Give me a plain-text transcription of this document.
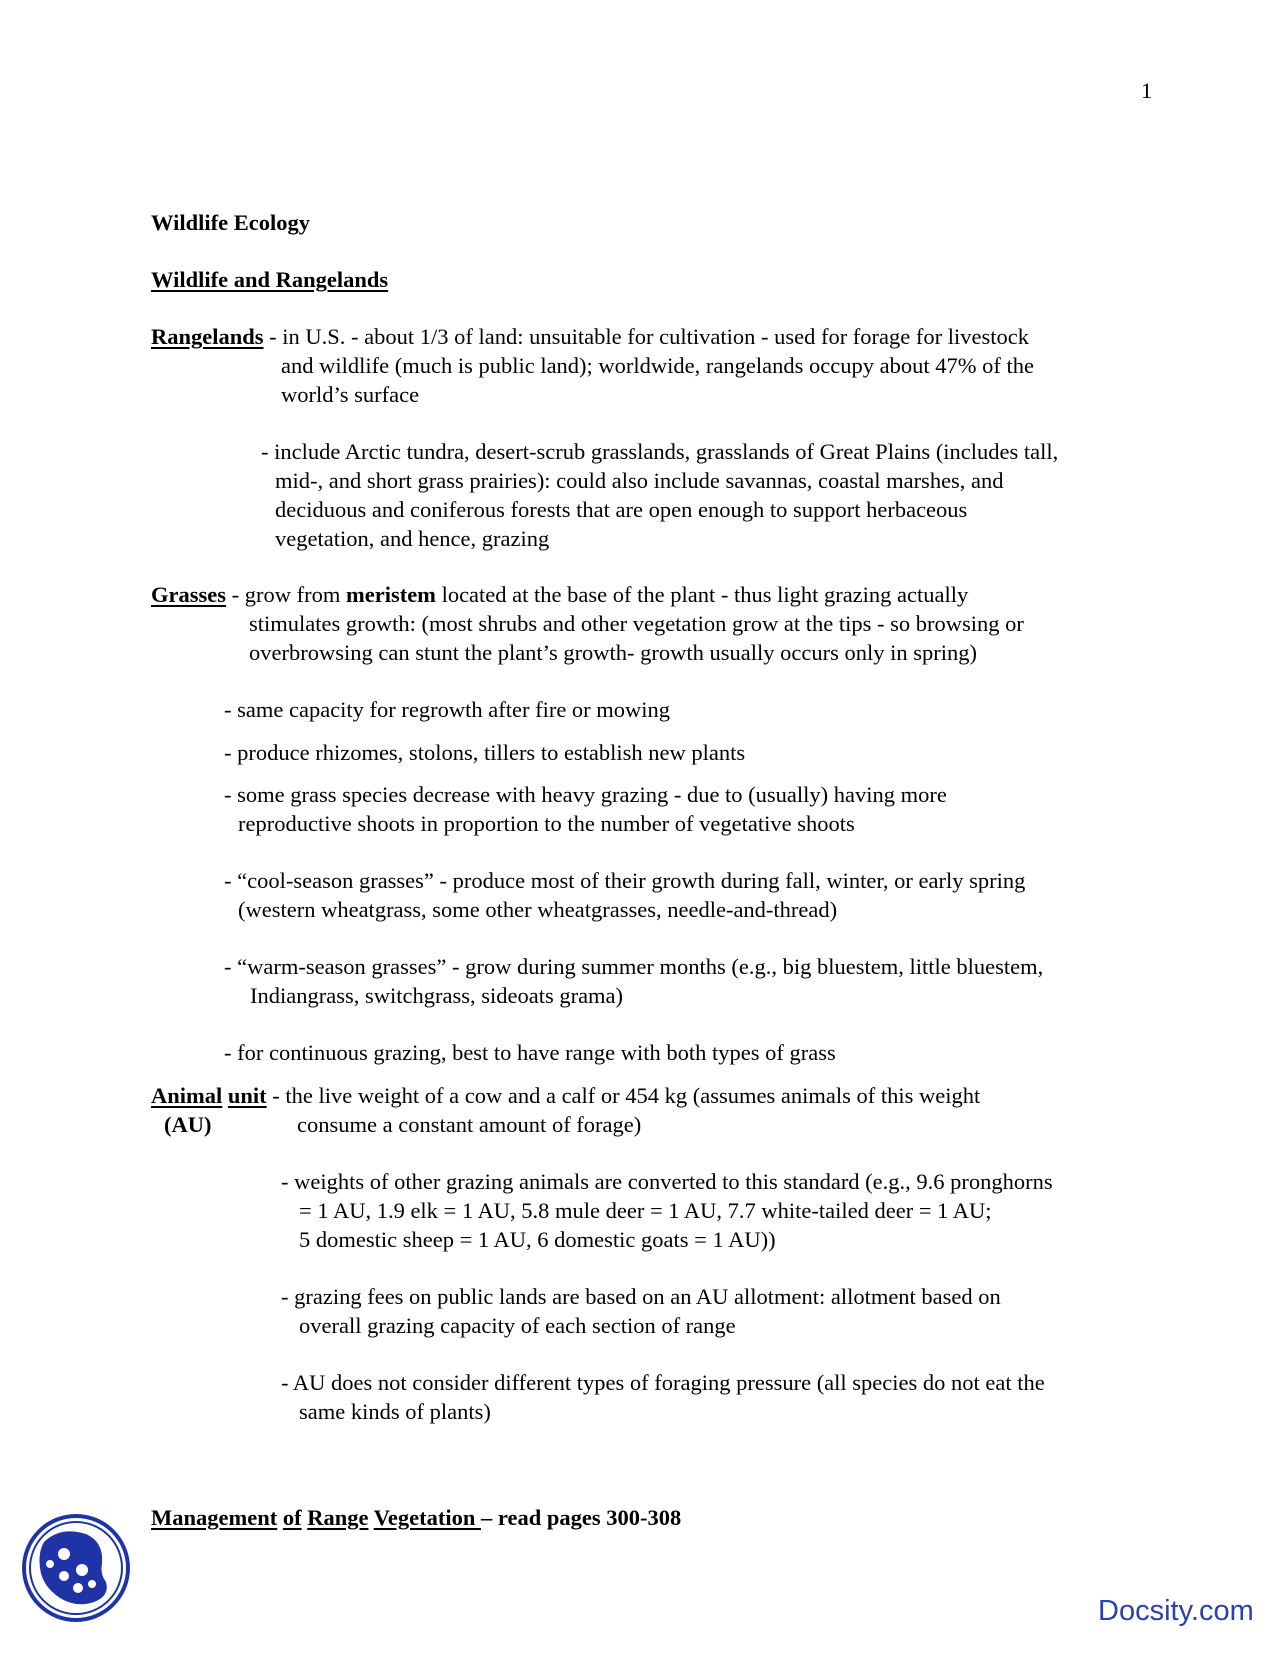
1
Wildlife Ecology
Wildlife and Rangelands
Rangelands - in U.S. - about 1/3 of land: unsuitable for cultivation - used for forage for livestock
and wildlife (much is public land); worldwide, rangelands occupy about 47% of the
world’s surface
- include Arctic tundra, desert-scrub grasslands, grasslands of Great Plains (includes tall,
mid-, and short grass prairies): could also include savannas, coastal marshes, and
deciduous and coniferous forests that are open enough to support herbaceous
vegetation, and hence, grazing
Grasses - grow from meristem located at the base of the plant - thus light grazing actually
stimulates growth: (most shrubs and other vegetation grow at the tips - so browsing or
overbrowsing can stunt the plant’s growth- growth usually occurs only in spring)
- same capacity for regrowth after fire or mowing
- produce rhizomes, stolons, tillers to establish new plants
- some grass species decrease with heavy grazing - due to (usually) having more
reproductive shoots in proportion to the number of vegetative shoots
- “cool-season grasses” - produce most of their growth during fall, winter, or early spring
(western wheatgrass, some other wheatgrasses, needle-and-thread)
- “warm-season grasses” - grow during summer months (e.g., big bluestem, little bluestem,
Indiangrass, switchgrass, sideoats grama)
- for continuous grazing, best to have range with both types of grass
Animal unit - the live weight of a cow and a calf or 454 kg (assumes animals of this weight
(AU)	consume a constant amount of forage)
- weights of other grazing animals are converted to this standard (e.g., 9.6 pronghorns
= 1 AU, 1.9 elk = 1 AU, 5.8 mule deer = 1 AU, 7.7 white-tailed deer = 1 AU;
5 domestic sheep = 1 AU, 6 domestic goats = 1 AU))
- grazing fees on public lands are based on an AU allotment: allotment based on
overall grazing capacity of each section of range
- AU does not consider different types of foraging pressure (all species do not eat the
same kinds of plants)
Management of Range Vegetation – read pages 300-308
Docsity.com
